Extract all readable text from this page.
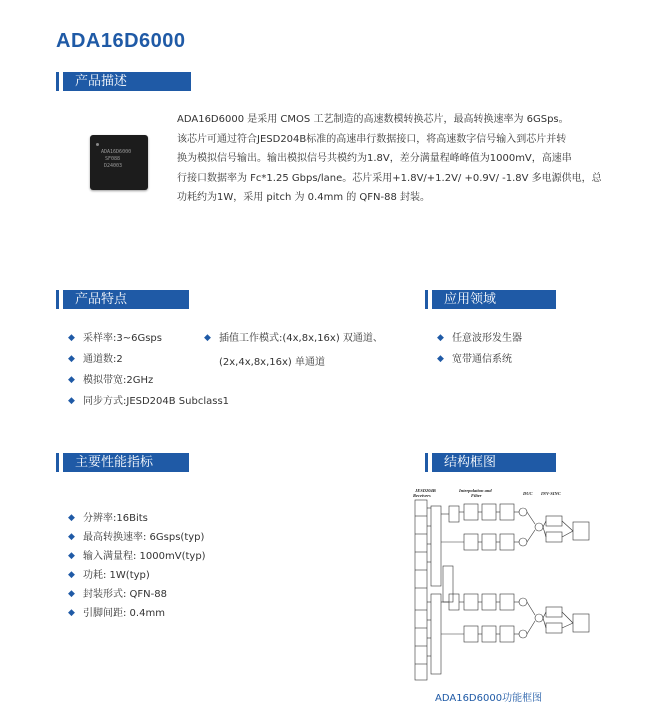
ADA16D6000
产品描述
ADA16D6000
SF088
D24003
ADA16D6000 是采用 CMOS 工艺制造的高速数模转换芯片，最高转换速率为 6GSps。
该芯片可通过符合JESD204B标准的高速串行数据接口，将高速数字信号输入到芯片并转
换为模拟信号输出。输出模拟信号共模约为1.8V，差分满量程峰峰值为1000mV，高速串
行接口数据率为 Fc*1.25 Gbps/lane。芯片采用+1.8V/+1.2V/ +0.9V/ -1.8V 多电源供电，总
功耗约为1W，采用 pitch 为 0.4mm 的 QFN-88 封装。
产品特点
◆ 采样率:3~6Gsps
◆ 通道数:2
◆ 模拟带宽:2GHz
◆ 同步方式:JESD204B Subclass1
◆ 插值工作模式:(4x,8x,16x) 双通道、
(2x,4x,8x,16x) 单通道
应用领域
◆ 任意波形发生器
◆ 宽带通信系统
主要性能指标
◆ 分辨率:16Bits
◆ 最高转换速率: 6Gsps(typ)
◆ 输入满量程: 1000mV(typ)
◆ 功耗: 1W(typ)
◆ 封装形式: QFN-88
◆ 引脚间距: 0.4mm
结构框图
JESD204B
Receivers
Interpolation and
Filter	DUC INV-SINC
ADA16D6000功能框图
